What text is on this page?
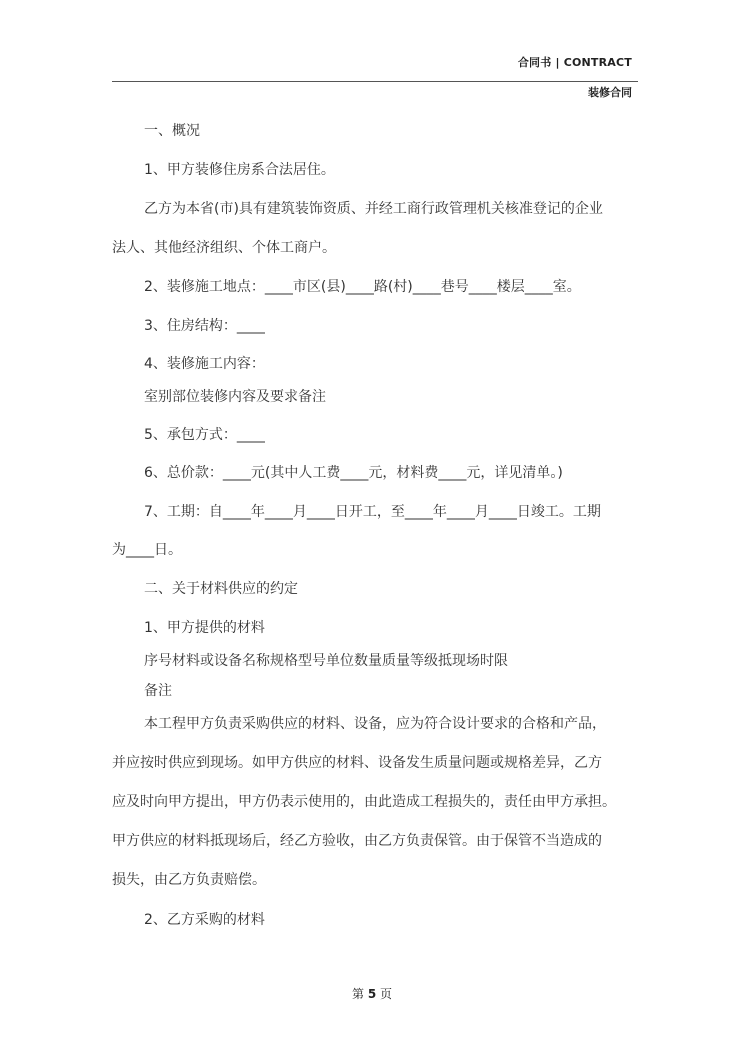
合同书 | CONTRACT
装修合同
一、概况
1、甲方装修住房系合法居住。
乙方为本省(市)具有建筑装饰资质、并经工商行政管理机关核准登记的企业
法人、其他经济组织、个体工商户。
2、装修施工地点：____市区(县)____路(村)____巷号____楼层____室。
3、住房结构：____
4、装修施工内容：
室别部位装修内容及要求备注
5、承包方式：____
6、总价款：____元(其中人工费____元，材料费____元，详见清单。)
7、工期：自____年____月____日开工，至____年____月____日竣工。工期
为____日。
二、关于材料供应的约定
1、甲方提供的材料
序号材料或设备名称规格型号单位数量质量等级抵现场时限
备注
本工程甲方负责采购供应的材料、设备，应为符合设计要求的合格和产品，
并应按时供应到现场。如甲方供应的材料、设备发生质量问题或规格差异，乙方
应及时向甲方提出，甲方仍表示使用的，由此造成工程损失的，责任由甲方承担。
甲方供应的材料抵现场后，经乙方验收，由乙方负责保管。由于保管不当造成的
损失，由乙方负责赔偿。
2、乙方采购的材料
第 5 页
